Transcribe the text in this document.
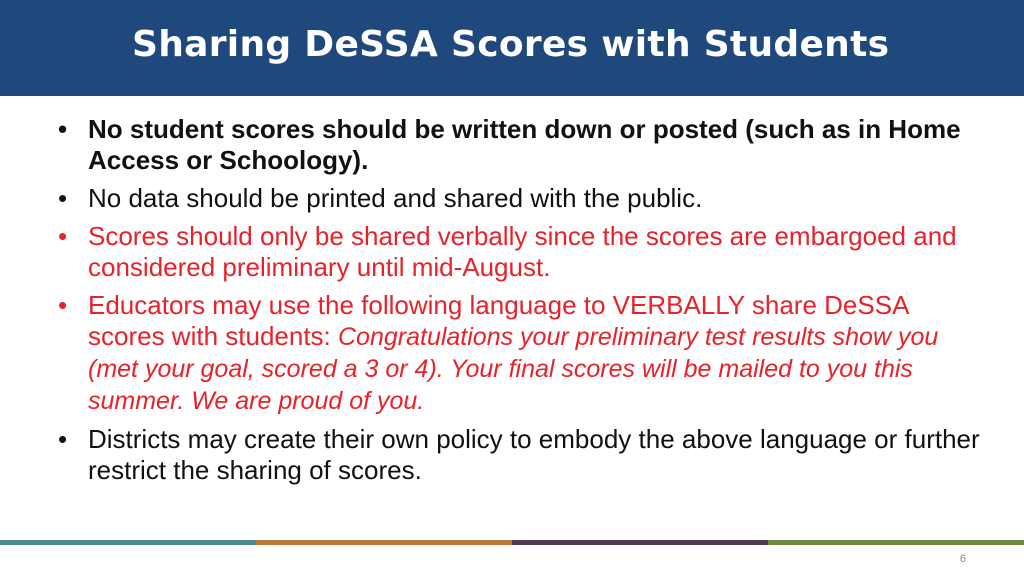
Sharing DeSSA Scores with Students
• No student scores should be written down or posted (such as in Home Access or Schoology).
• No data should be printed and shared with the public.
• Scores should only be shared verbally since the scores are embargoed and considered preliminary until mid-August.
• Educators may use the following language to VERBALLY share DeSSA scores with students: Congratulations your preliminary test results show you (met your goal, scored a 3 or 4). Your final scores will be mailed to you this summer. We are proud of you.
• Districts may create their own policy to embody the above language or further restrict the sharing of scores.
6
